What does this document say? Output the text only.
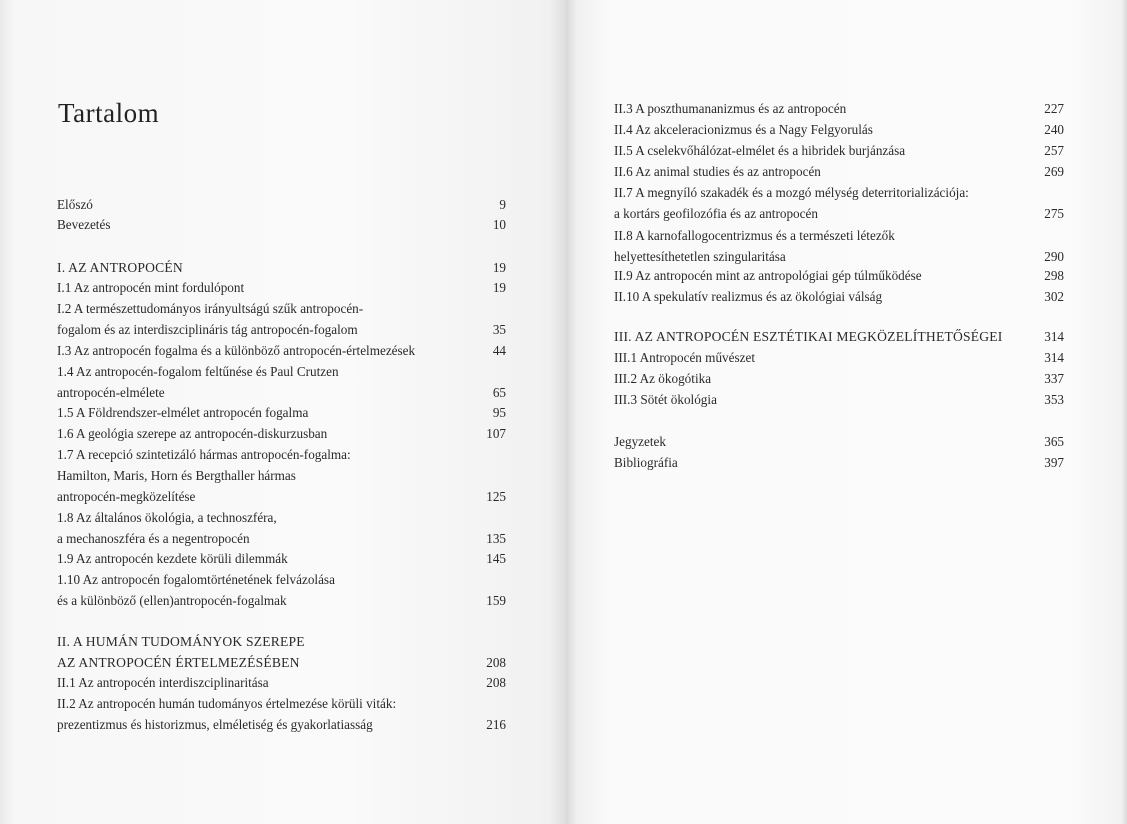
Tartalom
Előszó	9
Bevezetés	10
I. AZ ANTROPOCÉN	19
I.1 Az antropocén mint fordulópont	19
I.2 A természettudományos irányultságú szűk antropocén-
fogalom és az interdiszciplináris tág antropocén-fogalom	35
I.3 Az antropocén fogalma és a különböző antropocén-értelmezések	44
1.4 Az antropocén-fogalom feltűnése és Paul Crutzen
antropocén-elmélete	65
1.5 A Földrendszer-elmélet antropocén fogalma	95
1.6 A geológia szerepe az antropocén-diskurzusban	107
1.7 A recepció szintetizáló hármas antropocén-fogalma:
Hamilton, Maris, Horn és Bergthaller hármas
antropocén-megközelítése	125
1.8 Az általános ökológia, a technoszféra,
a mechanoszféra és a negentropocén	135
1.9 Az antropocén kezdete körüli dilemmák	145
1.10 Az antropocén fogalomtörténetének felvázolása
és a különböző (ellen)antropocén-fogalmak	159
II. A HUMÁN TUDOMÁNYOK SZEREPE
AZ ANTROPOCÉN ÉRTELMEZÉSÉBEN	208
II.1 Az antropocén interdiszciplinaritása	208
II.2 Az antropocén humán tudományos értelmezése körüli viták:
prezentizmus és historizmus, elméletiség és gyakorlatiasság	216
II.3 A poszthumananizmus és az antropocén	227
II.4 Az akceleracionizmus és a Nagy Felgyorulás	240
II.5 A cselekvőhálózat-elmélet és a hibridek burjánzása	257
II.6 Az animal studies és az antropocén	269
II.7 A megnyíló szakadék és a mozgó mélység deterritorializációja:
a kortárs geofilozófia és az antropocén	275
II.8 A karnofallogocentrizmus és a természeti létezők
helyettesíthetetlen szingularitása	290
II.9 Az antropocén mint az antropológiai gép túlműködése	298
II.10 A spekulatív realizmus és az ökológiai válság	302
III. AZ ANTROPOCÉN ESZTÉTIKAI MEGKÖZELÍTHETŐSÉGEI	314
III.1 Antropocén művészet	314
III.2 Az ökogótika	337
III.3 Sötét ökológia	353
Jegyzetek	365
Bibliográfia	397
